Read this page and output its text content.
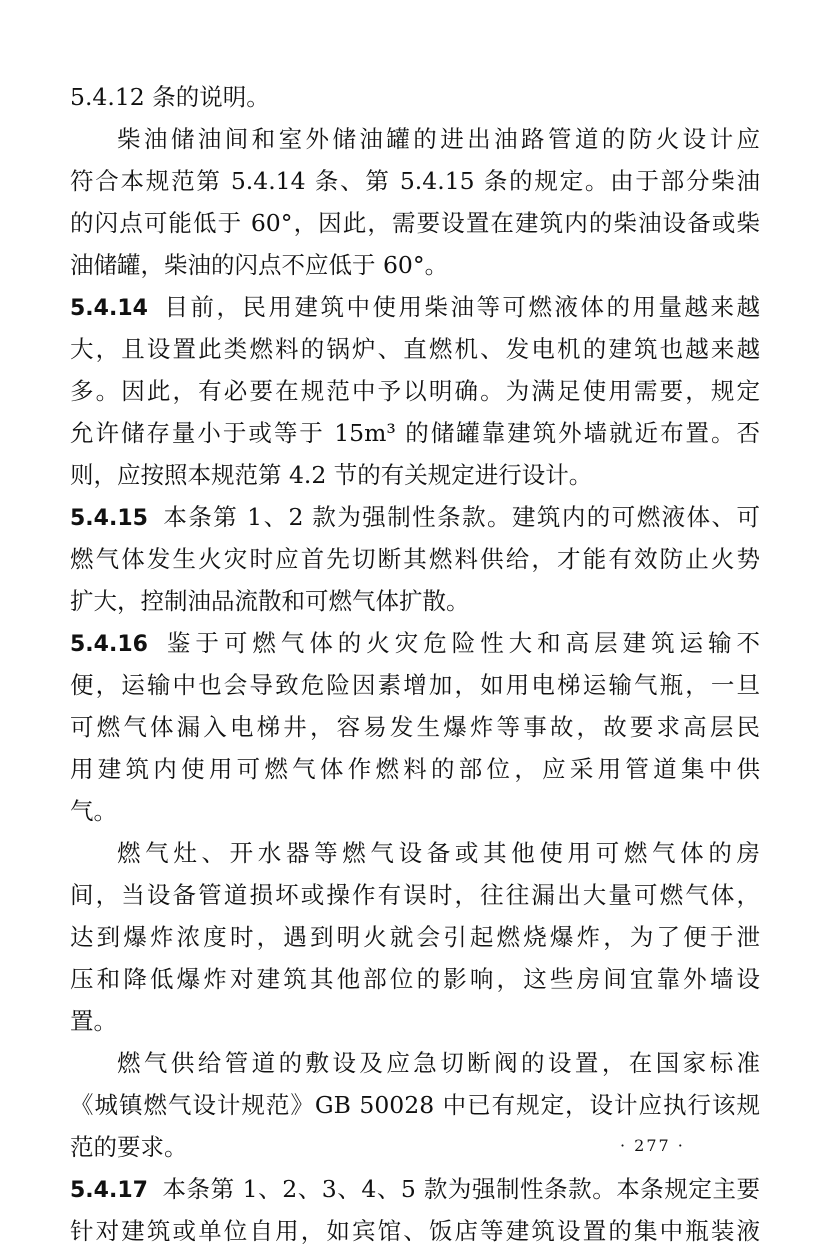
5.4.12 条的说明。
柴油储油间和室外储油罐的进出油路管道的防火设计应
符合本规范第 5.4.14 条、第 5.4.15 条的规定。由于部分柴油
的闪点可能低于 60°，因此，需要设置在建筑内的柴油设备或柴
油储罐，柴油的闪点不应低于 60°。
5.4.14 目前，民用建筑中使用柴油等可燃液体的用量越来越
大，且设置此类燃料的锅炉、直燃机、发电机的建筑也越来越
多。因此，有必要在规范中予以明确。为满足使用需要，规定
允许储存量小于或等于 15m³ 的储罐靠建筑外墙就近布置。否
则，应按照本规范第 4.2 节的有关规定进行设计。
5.4.15 本条第 1、2 款为强制性条款。建筑内的可燃液体、可
燃气体发生火灾时应首先切断其燃料供给，才能有效防止火势
扩大，控制油品流散和可燃气体扩散。
5.4.16 鉴于可燃气体的火灾危险性大和高层建筑运输不
便，运输中也会导致危险因素增加，如用电梯运输气瓶，一旦
可燃气体漏入电梯井，容易发生爆炸等事故，故要求高层民
用建筑内使用可燃气体作燃料的部位，应采用管道集中供
气。
燃气灶、开水器等燃气设备或其他使用可燃气体的房
间，当设备管道损坏或操作有误时，往往漏出大量可燃气体，
达到爆炸浓度时，遇到明火就会引起燃烧爆炸，为了便于泄
压和降低爆炸对建筑其他部位的影响，这些房间宜靠外墙设
置。
燃气供给管道的敷设及应急切断阀的设置，在国家标准
《城镇燃气设计规范》GB 50028 中已有规定，设计应执行该规
范的要求。
5.4.17 本条第 1、2、3、4、5 款为强制性条款。本条规定主要
针对建筑或单位自用，如宾馆、饭店等建筑设置的集中瓶装液
· 277 ·
